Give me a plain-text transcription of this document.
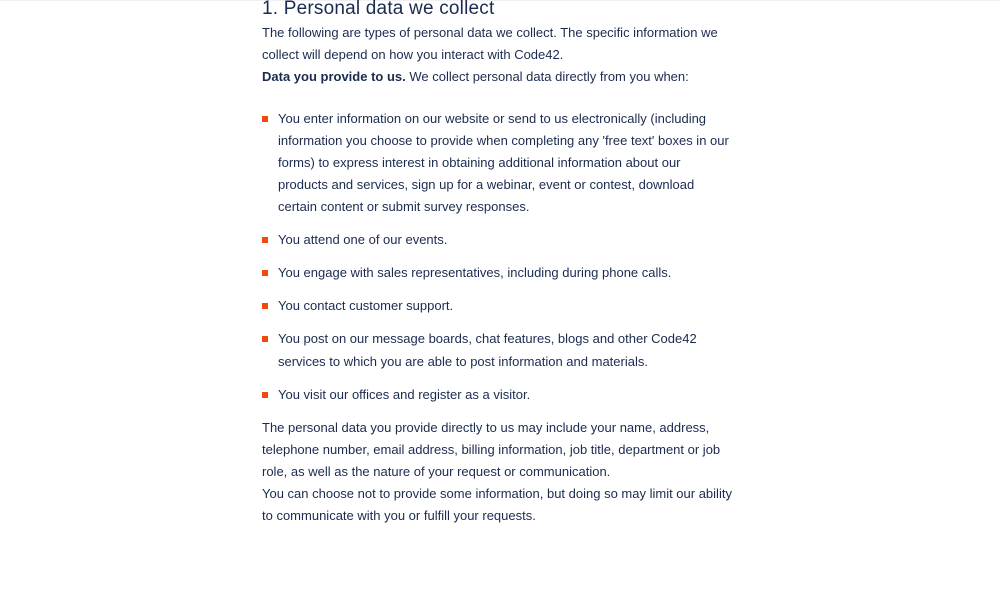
1. Personal data we collect

The following are types of personal data we collect. The specific information we collect will depend on how you interact with Code42.

Data you provide to us. We collect personal data directly from you when:

You enter information on our website or send to us electronically (including information you choose to provide when completing any 'free text' boxes in our forms) to express interest in obtaining additional information about our products and services, sign up for a webinar, event or contest, download certain content or submit survey responses.
You attend one of our events.
You engage with sales representatives, including during phone calls.
You contact customer support.
You post on our message boards, chat features, blogs and other Code42 services to which you are able to post information and materials.
You visit our offices and register as a visitor.

The personal data you provide directly to us may include your name, address, telephone number, email address, billing information, job title, department or job role, as well as the nature of your request or communication.

You can choose not to provide some information, but doing so may limit our ability to communicate with you or fulfill your requests.
